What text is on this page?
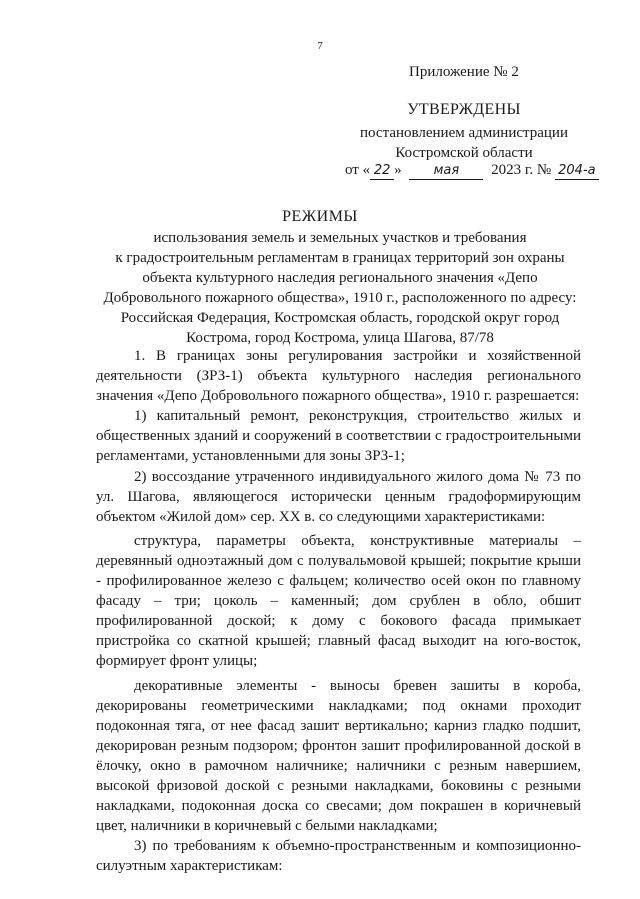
7
Приложение № 2
УТВЕРЖДЕНЫ
постановлением администрации
Костромской области
от « 22 » мая 2023 г. № 204-а
РЕЖИМЫ
использования земель и земельных участков и требования
к градостроительным регламентам в границах территорий зон охраны
объекта культурного наследия регионального значения «Депо
Добровольного пожарного общества», 1910 г., расположенного по адресу:
Российская Федерация, Костромская область, городской округ город
Кострома, город Кострома, улица Шагова, 87/78

1. В границах зоны регулирования застройки и хозяйственной деятельности (ЗРЗ-1) объекта культурного наследия регионального значения «Депо Добровольного пожарного общества», 1910 г. разрешается:

1) капитальный ремонт, реконструкция, строительство жилых и общественных зданий и сооружений в соответствии с градостроительными регламентами, установленными для зоны ЗРЗ-1;

2) воссоздание утраченного индивидуального жилого дома № 73 по ул. Шагова, являющегося исторически ценным градоформирующим объектом «Жилой дом» сер. XX в. со следующими характеристиками:

структура, параметры объекта, конструктивные материалы – деревянный одноэтажный дом с полувальмовой крышей; покрытие крыши - профилированное железо с фальцем; количество осей окон по главному фасаду – три; цоколь – каменный; дом срублен в обло, обшит профилированной доской; к дому с бокового фасада примыкает пристройка со скатной крышей; главный фасад выходит на юго-восток, формирует фронт улицы;

декоративные элементы - выносы бревен зашиты в короба, декорированы геометрическими накладками; под окнами проходит подоконная тяга, от нее фасад зашит вертикально; карниз гладко подшит, декорирован резным подзором; фронтон зашит профилированной доской в ёлочку, окно в рамочном наличнике; наличники с резным навершием, высокой фризовой доской с резными накладками, боковины с резными накладками, подоконная доска со свесами; дом покрашен в коричневый цвет, наличники в коричневый с белыми накладками;

3) по требованиям к объемно-пространственным и композиционно-силуэтным характеристикам:
